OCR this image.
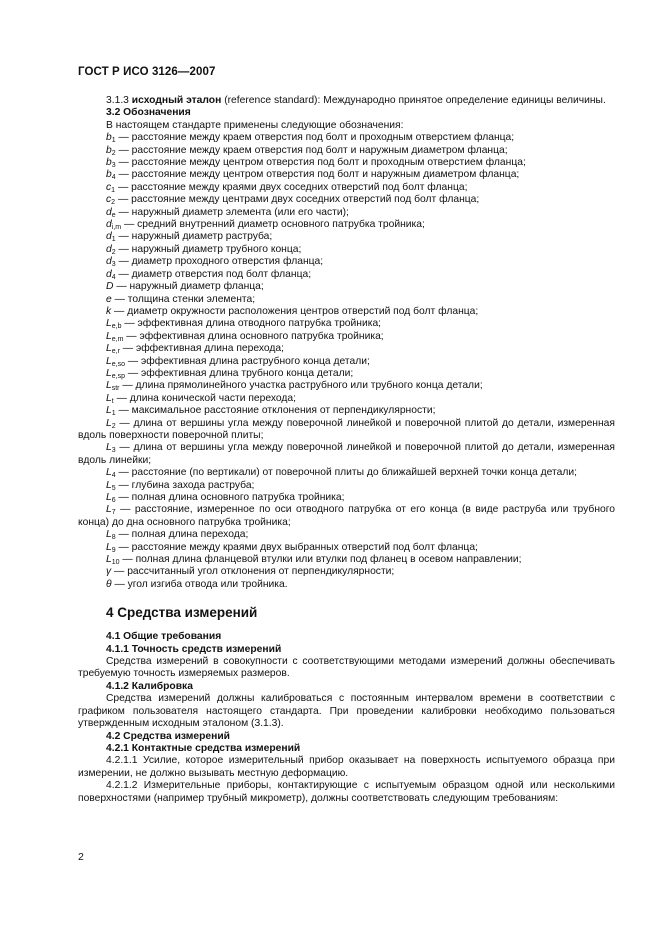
ГОСТ Р ИСО 3126—2007

3.1.3 исходный эталон (reference standard): Международно принятое определение единицы величины.

3.2 Обозначения

В настоящем стандарте применены следующие обозначения:

$b_1$ — расстояние между краем отверстия под болт и проходным отверстием фланца;

$b_2$ — расстояние между краем отверстия под болт и наружным диаметром фланца;

$b_3$ — расстояние между центром отверстия под болт и проходным отверстием фланца;

$b_4$ — расстояние между центром отверстия под болт и наружным диаметром фланца;

$c_1$ — расстояние между краями двух соседних отверстий под болт фланца;

$c_2$ — расстояние между центрами двух соседних отверстий под болт фланца;

$d_e$ — наружный диаметр элемента (или его части);

$d_{i,m}$ — средний внутренний диаметр основного патрубка тройника;

$d_1$ — наружный диаметр раструба;

$d_2$ — наружный диаметр трубного конца;

$d_3$ — диаметр проходного отверстия фланца;

$d_4$ — диаметр отверстия под болт фланца;

D — наружный диаметр фланца;

e — толщина стенки элемента;

k — диаметр окружности расположения центров отверстий под болт фланца;

$L_{e,b}$ — эффективная длина отводного патрубка тройника;

$L_{e,m}$ — эффективная длина основного патрубка тройника;

$L_{e,r}$ — эффективная длина перехода;

$L_{e,so}$ — эффективная длина раструбного конца детали;

$L_{e,sp}$ — эффективная длина трубного конца детали;

$L_{str}$ — длина прямолинейного участка раструбного или трубного конца детали;

$L_t$ — длина конической части перехода;

$L_1$ — максимальное расстояние отклонения от перпендикулярности;

$L_2$ — длина от вершины угла между поверочной линейкой и поверочной плитой до детали, измеренная вдоль поверхности поверочной плиты;

$L_3$ — длина от вершины угла между поверочной линейкой и поверочной плитой до детали, измеренная вдоль линейки;

$L_4$ — расстояние (по вертикали) от поверочной плиты до ближайшей верхней точки конца детали;

$L_5$ — глубина захода раструба;

$L_6$ — полная длина основного патрубка тройника;

$L_7$ — расстояние, измеренное по оси отводного патрубка от его конца (в виде раструба или трубного конца) до дна основного патрубка тройника;

$L_8$ — полная длина перехода;

$L_9$ — расстояние между краями двух выбранных отверстий под болт фланца;

$L_{10}$ — полная длина фланцевой втулки или втулки под фланец в осевом направлении;

γ — рассчитанный угол отклонения от перпендикулярности;

θ — угол изгиба отвода или тройника.

4 Средства измерений

4.1 Общие требования

4.1.1 Точность средств измерений

Средства измерений в совокупности с соответствующими методами измерений должны обеспечивать требуемую точность измеряемых размеров.

4.1.2 Калибровка

Средства измерений должны калиброваться с постоянным интервалом времени в соответствии с графиком пользователя настоящего стандарта. При проведении калибровки необходимо пользоваться утвержденным исходным эталоном (3.1.3).

4.2 Средства измерений

4.2.1 Контактные средства измерений

4.2.1.1 Усилие, которое измерительный прибор оказывает на поверхность испытуемого образца при измерении, не должно вызывать местную деформацию.

4.2.1.2 Измерительные приборы, контактирующие с испытуемым образцом одной или несколькими поверхностями (например трубный микрометр), должны соответствовать следующим требованиям:

2
